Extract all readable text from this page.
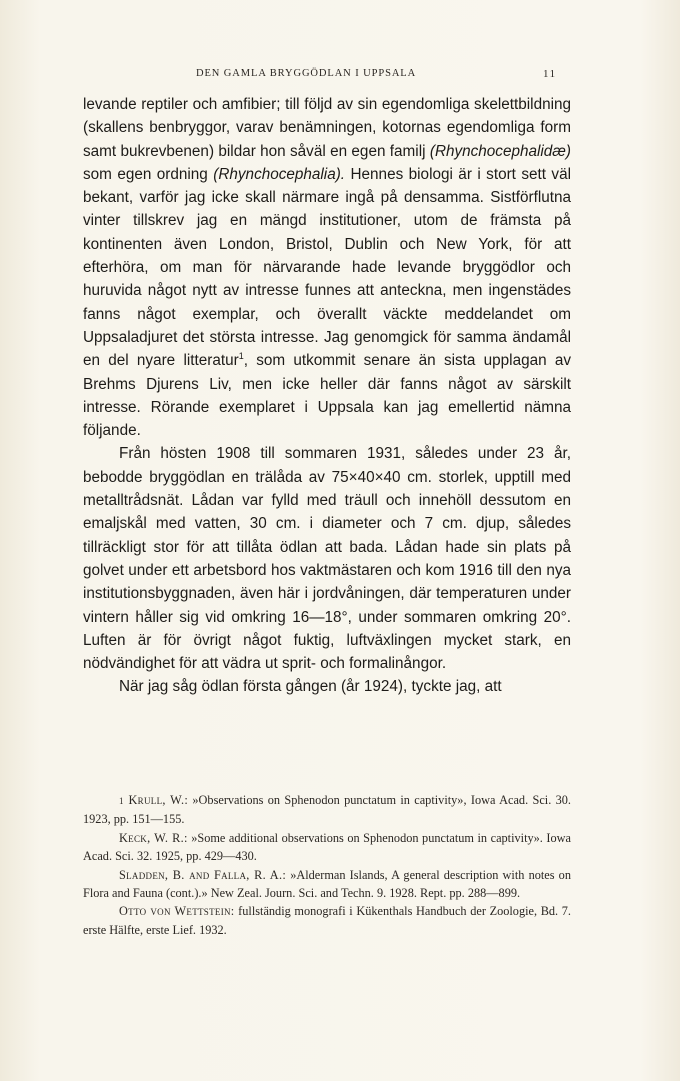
DEN GAMLA BRYGGÖDLAN I UPPSALA	11

levande reptiler och amfibier; till följd av sin egendomliga skelettbildning (skallens benbryggor, varav benämningen, kotornas egendomliga form samt bukrevbenen) bildar hon såväl en egen familj (Rhynchocephalidæ) som egen ordning (Rhynchocephalia). Hennes biologi är i stort sett väl bekant, varför jag icke skall närmare ingå på densamma. Sistförflutna vinter tillskrev jag en mängd institutioner, utom de främsta på kontinenten även London, Bristol, Dublin och New York, för att efterhöra, om man för närvarande hade levande bryggödlor och huruvida något nytt av intresse funnes att anteckna, men ingenstädes fanns något exemplar, och överallt väckte meddelandet om Uppsaladjuret det största intresse. Jag genomgick för samma ändamål en del nyare litteratur$^1$, som utkommit senare än sista upplagan av Brehms Djurens Liv, men icke heller där fanns något av särskilt intresse. Rörande exemplaret i Uppsala kan jag emellertid nämna följande.

Från hösten 1908 till sommaren 1931, således under 23 år, bebodde bryggödlan en trälåda av 75×40×40 cm. storlek, upptill med metalltrådsnät. Lådan var fylld med träull och innehöll dessutom en emaljskål med vatten, 30 cm. i diameter och 7 cm. djup, således tillräckligt stor för att tillåta ödlan att bada. Lådan hade sin plats på golvet under ett arbetsbord hos vaktmästaren och kom 1916 till den nya institutionsbyggnaden, även här i jordvåningen, där temperaturen under vintern håller sig vid omkring 16—18°, under sommaren omkring 20°. Luften är för övrigt något fuktig, luftväxlingen mycket stark, en nödvändighet för att vädra ut sprit- och formalinångor.

När jag såg ödlan första gången (år 1924), tyckte jag, att

1 Krull, W.: »Observations on Sphenodon punctatum in captivity», Iowa Acad. Sci. 30. 1923, pp. 151—155.

Keck, W. R.: »Some additional observations on Sphenodon punctatum in captivity». Iowa Acad. Sci. 32. 1925, pp. 429—430.

Sladden, B. and Falla, R. A.: »Alderman Islands, A general description with notes on Flora and Fauna (cont.).» New Zeal. Journ. Sci. and Techn. 9. 1928. Rept. pp. 288—899.

Otto von Wettstein: fullständig monografi i Kükenthals Handbuch der Zoologie, Bd. 7. erste Hälfte, erste Lief. 1932.
